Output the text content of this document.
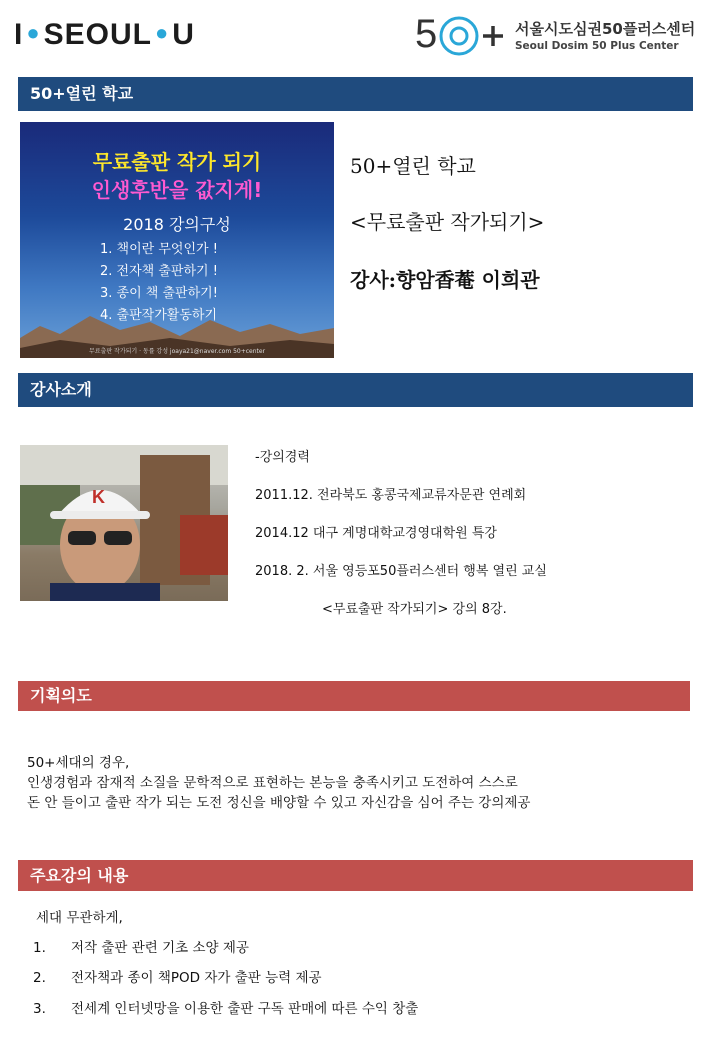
I ● SEOUL ● U	5	서울시도심권50플러스센터
Seoul Dosim 50 Plus Center
50+열린 학교
무료출판 작가 되기
인생후반을 값지게!
2018 강의구성
1. 책이란 무엇인가 !
2. 전자책 출판하기 !
3. 종이 책 출판하기!
4. 출판작가활동하기
무료출판 작가되기 · 동률 강성 joaya21@naver.com 50+center
50+열린 학교
<무료출판 작가되기>
강사:향암香菴 이희관
강사소개
K
-강의경력
2011.12. 전라북도 홍콩국제교류자문관 연례회
2014.12 대구 계명대학교경영대학원 특강
2018. 2. 서울 영등포50플러스센터 행복 열린 교실
<무료출판 작가되기> 강의 8강.
기획의도
50+세대의 경우,
인생경험과 잠재적 소질을 문학적으로 표현하는 본능을 충족시키고 도전하여 스스로
돈 안 들이고 출판 작가 되는 도전 정신을 배양할 수 있고 자신감을 심어 주는 강의제공
주요강의 내용
세대 무관하게,
1. 저작 출판 관련 기초 소양 제공
2. 전자책과 종이 책POD 자가 출판 능력 제공
3. 전세계 인터넷망을 이용한 출판 구독 판매에 따른 수익 창출
